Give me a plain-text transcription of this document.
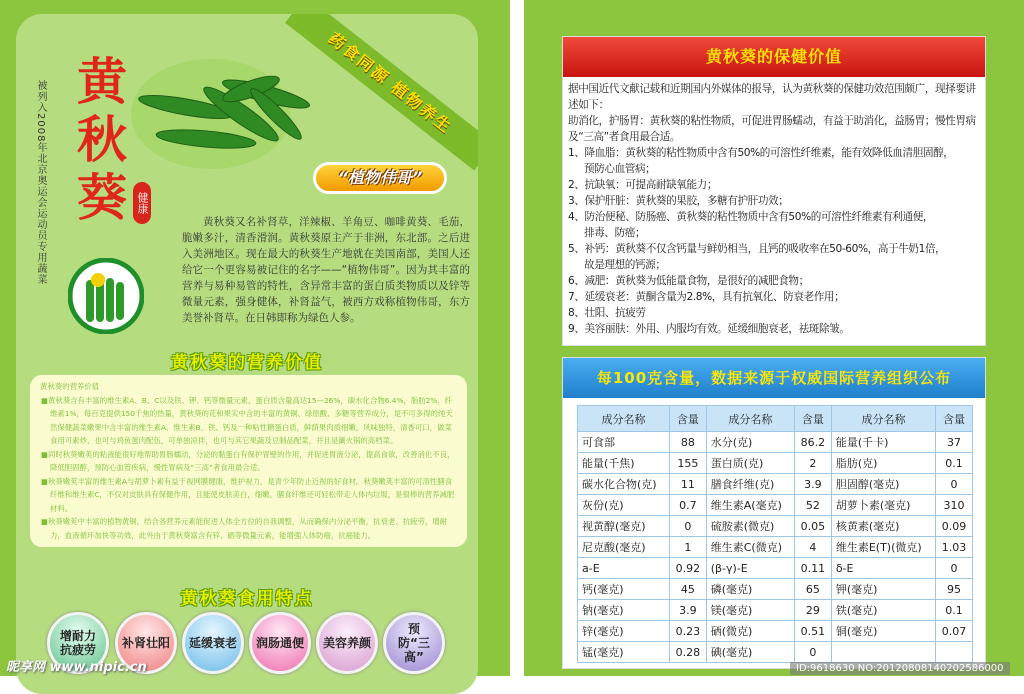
被列入2008年北京奥运会运动员专用蔬菜 黄
秋
葵 健康
药食同源 植物养生
“植物伟哥”
黄秋葵又名补肾草，洋辣椒、羊角豆、咖啡黄葵、毛茄，脆嫩多汁，清香滑润。黄秋葵原主产于非洲，东北部。之后进入美洲地区。现在最大的秋葵生产地就在美国南部，美国人还给它一个更容易被记住的名字——“植物伟哥”。因为其丰富的营养与易种易管的特性，含异常丰富的蛋白质类物质以及锌等微量元素，强身健体，补肾益气，被西方戏称植物伟哥，东方美誉补肾草。在日韩即称为绿色人参。
黄秋葵的营养价值
黄秋葵的营养价值

■黄秋葵含有丰富的维生素A、B、C以及铁、钾、钙等微量元素，蛋白质含量高达15—26%，碳水化合物6.4%，脂肪2%，纤维素1%，每百克提供150千焦的热量，黄秋葵的花和果实中含的丰富的黄铜、绿原酸、多糖等营养成分，是不可多得的纯天然保健蔬菜嫩果中含丰富的维生素A、维生素B、铁、钙及一种粘性糖蛋白质，鲜荫果肉质细嫩，风味独特，清香可口，做菜食用可素炒，也可与鸡鱼蛋肉配伍，可单独凉拌，也可与其它果蔬及豆制品配菜，并且是涮火锅的高档菜。

■同时秋葵嫩荚的粘液能很好地帮助胃肠蠕动，分泌的黏蛋白有保护胃壁的作用，并促进胃液分泌，提高食欲，改善消化不良，降低胆固醇，预防心血管疾病，慢性胃病及“三高”者食用最合适。

■秋葵嫩荚丰富的维生素A与胡萝卜素有益于视网膜健康，维护视力，是青少年防止近视的好食材。秋葵嫩荚丰富的可溶性膳食纤维和维生素C，不仅对皮肤具有保健作用，且能使皮肤美白，细嫩。膳食纤维还可轻松带走人体内垃圾，是很棒的营养减肥材料。

■秋葵嫩荚中丰富的植物黄铜，结合各营养元素能促进人体全方位的自我调整，从而确保内分泌平衡，抗衰老、抗疲劳，增耐力，血液循环加快等功效，此外由于黄秋葵富含有锌、硒等微量元素，能增强人体防癌，抗癌能力。

黄秋葵食用特点
增耐力抗疲劳	补肾壮阳 延缓衰老 润肠通便 美容养颜
预防“三高”
昵享网 www.nipic.cn
黄秋葵的保健价值
据中国近代文献记载和近期国内外媒体的报导，认为黄秋葵的保健功效范围颇广，现择要讲述如下：
助消化，护肠胃：黄秋葵的粘性物质，可促进胃肠蠕动，有益于助消化，益肠胃；慢性胃病及“三高”者食用最合适。
1、降血脂：黄秋葵的粘性物质中含有50%的可溶性纤维素，能有效降低血清胆固醇，
预防心血管病；
2、抗缺氧：可提高耐缺氧能力；
3、保护肝脏：黄秋葵的果胶，多糖有护肝功效；
4、防治便秘、防肠癌、黄秋葵的粘性物质中含有50%的可溶性纤维素有利通便，
排毒、防癌；
5、补钙：黄秋葵不仅含钙量与鲜奶相当，且钙的吸收率在50-60%，高于牛奶1倍，
故是理想的钙源；
6、减肥：黄秋葵为低能量食物，是很好的减肥食物；
7、延缓衰老：黄酮含量为2.8%，具有抗氧化、防衰老作用；
8、壮阳、抗疲劳
9、美容丽肤：外用、内服均有效。延缓细胞衰老，祛斑除皱。
每100克含量，数据来源于权威国际营养组织公布
成分名称	含量	成分名称	含量	成分名称	含量
可食部	88	水分(克)	86.2	能量(千卡)	37
能量(千焦)	155	蛋白质(克)	2	脂肪(克)	0.1
碳水化合物(克)	11	膳食纤维(克)	3.9	胆固醇(毫克)	0
灰份(克)	0.7	维生素A(毫克)	52	胡萝卜素(毫克)	310
视黄醇(毫克)	0	硫胺素(微克)	0.05	核黄素(毫克)	0.09
尼克酸(毫克)	1	维生素C(微克)	4	维生素E(T)(微克)	1.03
a-E	0.92	(β-γ)-E	0.11	δ-E	0
钙(毫克)	45	磷(毫克)	65	钾(毫克)	95
钠(毫克)	3.9	镁(毫克)	29	铁(毫克)	0.1
锌(毫克)	0.23	硒(微克)	0.51	铜(毫克)	0.07
锰(毫克)	0.28	碘(毫克)	0		
ID:9618630 NO:20120808140202586000
